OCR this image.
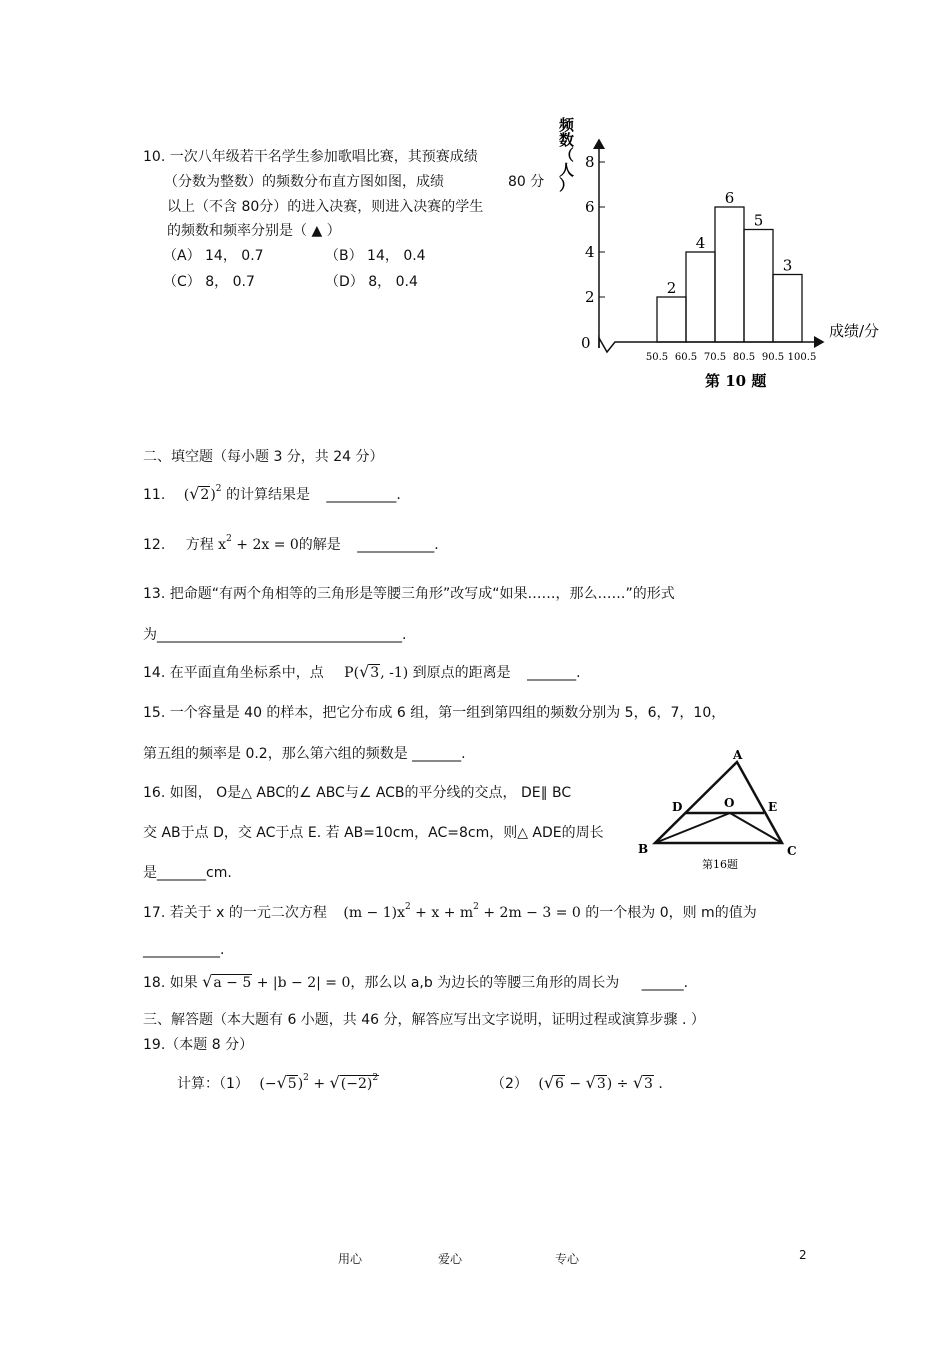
10. 一次八年级若干名学生参加歌唱比赛，其预赛成绩
（分数为整数）的频数分布直方图如图，成绩	80 分
以上（不含 80分）的进入决赛，则进入决赛的学生
的频数和频率分别是（ ▲ ）
（A） 14， 0.7	（B） 14， 0.4
（C） 8， 0.7	（D） 8， 0.4
0
2
4
6
8
50.5 60.5 70.5 80.5 90.5 100.5
2
4
6
5
3
成绩/分
第 10 题
频数（人）
二、填空题（每小题 3 分，共 24 分）
11. $(√2)^2$ 的计算结果是 __________.
12. 方程 $x^2 + 2x = 0$的解是 ___________.
13. 把命题“有两个角相等的三角形是等腰三角形”改写成“如果……，那么……”的形式
为___________________________________.
14. 在平面直角坐标系中，点 P(√3, -1) 到原点的距离是 _______.
15. 一个容量是 40 的样本，把它分布成 6 组，第一组到第四组的频数分别为 5，6，7，10，
第五组的频率是 0.2，那么第六组的频数是 _______.
16. 如图， O是△ ABC的∠ ABC与∠ ACB的平分线的交点， DE∥ BC
交 AB于点 D，交 AC于点 E. 若 AB=10cm，AC=8cm，则△ ADE的周长
是_______cm.
A
D	O	E
B	C
第16题
17. 若关于 x 的一元二次方程 $(m - 1)x^2 + x + m^2 + 2m - 3 = 0$ 的一个根为 0，则 m的值为
___________.
18. 如果 √a − 5 + |b − 2| = 0，那么以 a,b 为边长的等腰三角形的周长为 ______.
三、解答题（本大题有 6 小题，共 46 分，解答应写出文字说明，证明过程或演算步骤 . ）
19.（本题 8 分）
计算：（1） $(-√5)^2 + √(-2)^2$	（2） (√6 − √3) ÷ √3 .
用心	爱心	专心	2
